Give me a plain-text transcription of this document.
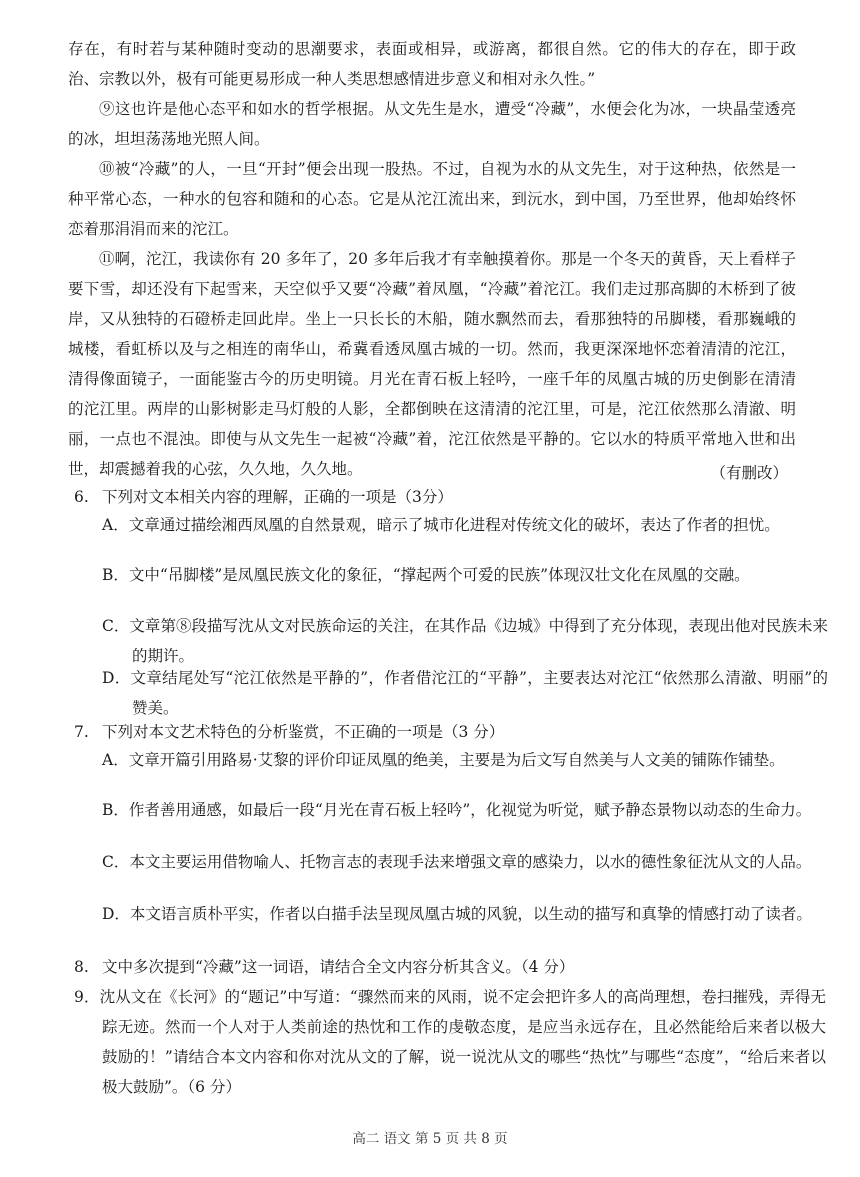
存在，有时若与某种随时变动的思潮要求，表面或相异，或游离，都很自然。它的伟大的存在，即于政治、宗教以外，极有可能更易形成一种人类思想感情进步意义和相对永久性。”

⑨这也许是他心态平和如水的哲学根据。从文先生是水，遭受“冷藏”，水便会化为冰，一块晶莹透亮的冰，坦坦荡荡地光照人间。

⑩被“冷藏”的人，一旦“开封”便会出现一股热。不过，自视为水的从文先生，对于这种热，依然是一种平常心态，一种水的包容和随和的心态。它是从沱江流出来，到沅水，到中国，乃至世界，他却始终怀恋着那涓涓而来的沱江。

⑪啊，沱江，我读你有 20 多年了，20 多年后我才有幸触摸着你。那是一个冬天的黄昏，天上看样子要下雪，却还没有下起雪来，天空似乎又要“冷藏”着凤凰，“冷藏”着沱江。我们走过那高脚的木桥到了彼岸，又从独特的石磴桥走回此岸。坐上一只长长的木船，随水飘然而去，看那独特的吊脚楼，看那巍峨的城楼，看虹桥以及与之相连的南华山，希冀看透凤凰古城的一切。然而，我更深深地怀恋着清清的沱江，清得像面镜子，一面能鉴古今的历史明镜。月光在青石板上轻吟，一座千年的凤凰古城的历史倒影在清清的沱江里。两岸的山影树影走马灯般的人影，全都倒映在这清清的沱江里，可是，沱江依然那么清澈、明丽，一点也不混浊。即使与从文先生一起被“冷藏”着，沱江依然是平静的。它以水的特质平常地入世和出世，却震撼着我的心弦，久久地，久久地。	（有删改）

6. 下列对文本相关内容的理解，正确的一项是（3分）

A．文章通过描绘湘西凤凰的自然景观，暗示了城市化进程对传统文化的破坏，表达了作者的担忧。

B．文中“吊脚楼”是凤凰民族文化的象征，“撑起两个可爱的民族”体现汉壮文化在凤凰的交融。

C．文章第⑧段描写沈从文对民族命运的关注，在其作品《边城》中得到了充分体现，表现出他对民族未来的期许。

D．文章结尾处写“沱江依然是平静的”，作者借沱江的“平静”，主要表达对沱江“依然那么清澈、明丽”的赞美。

7. 下列对本文艺术特色的分析鉴赏，不正确的一项是（3 分）

A．文章开篇引用路易·艾黎的评价印证凤凰的绝美，主要是为后文写自然美与人文美的铺陈作铺垫。

B．作者善用通感，如最后一段“月光在青石板上轻吟”，化视觉为听觉，赋予静态景物以动态的生命力。

C．本文主要运用借物喻人、托物言志的表现手法来增强文章的感染力，以水的德性象征沈从文的人品。

D．本文语言质朴平实，作者以白描手法呈现凤凰古城的风貌，以生动的描写和真挚的情感打动了读者。

8. 文中多次提到“冷藏”这一词语，请结合全文内容分析其含义。（4 分）

9．沈从文在《长河》的“题记”中写道：“骤然而来的风雨，说不定会把许多人的高尚理想，卷扫摧残，弄得无踪无迹。然而一个人对于人类前途的热忱和工作的虔敬态度，是应当永远存在，且必然能给后来者以极大鼓励的！”请结合本文内容和你对沈从文的了解，说一说沈从文的哪些“热忱”与哪些“态度”，“给后来者以极大鼓励”。（6 分）

高二 语文 第 5 页 共 8 页
